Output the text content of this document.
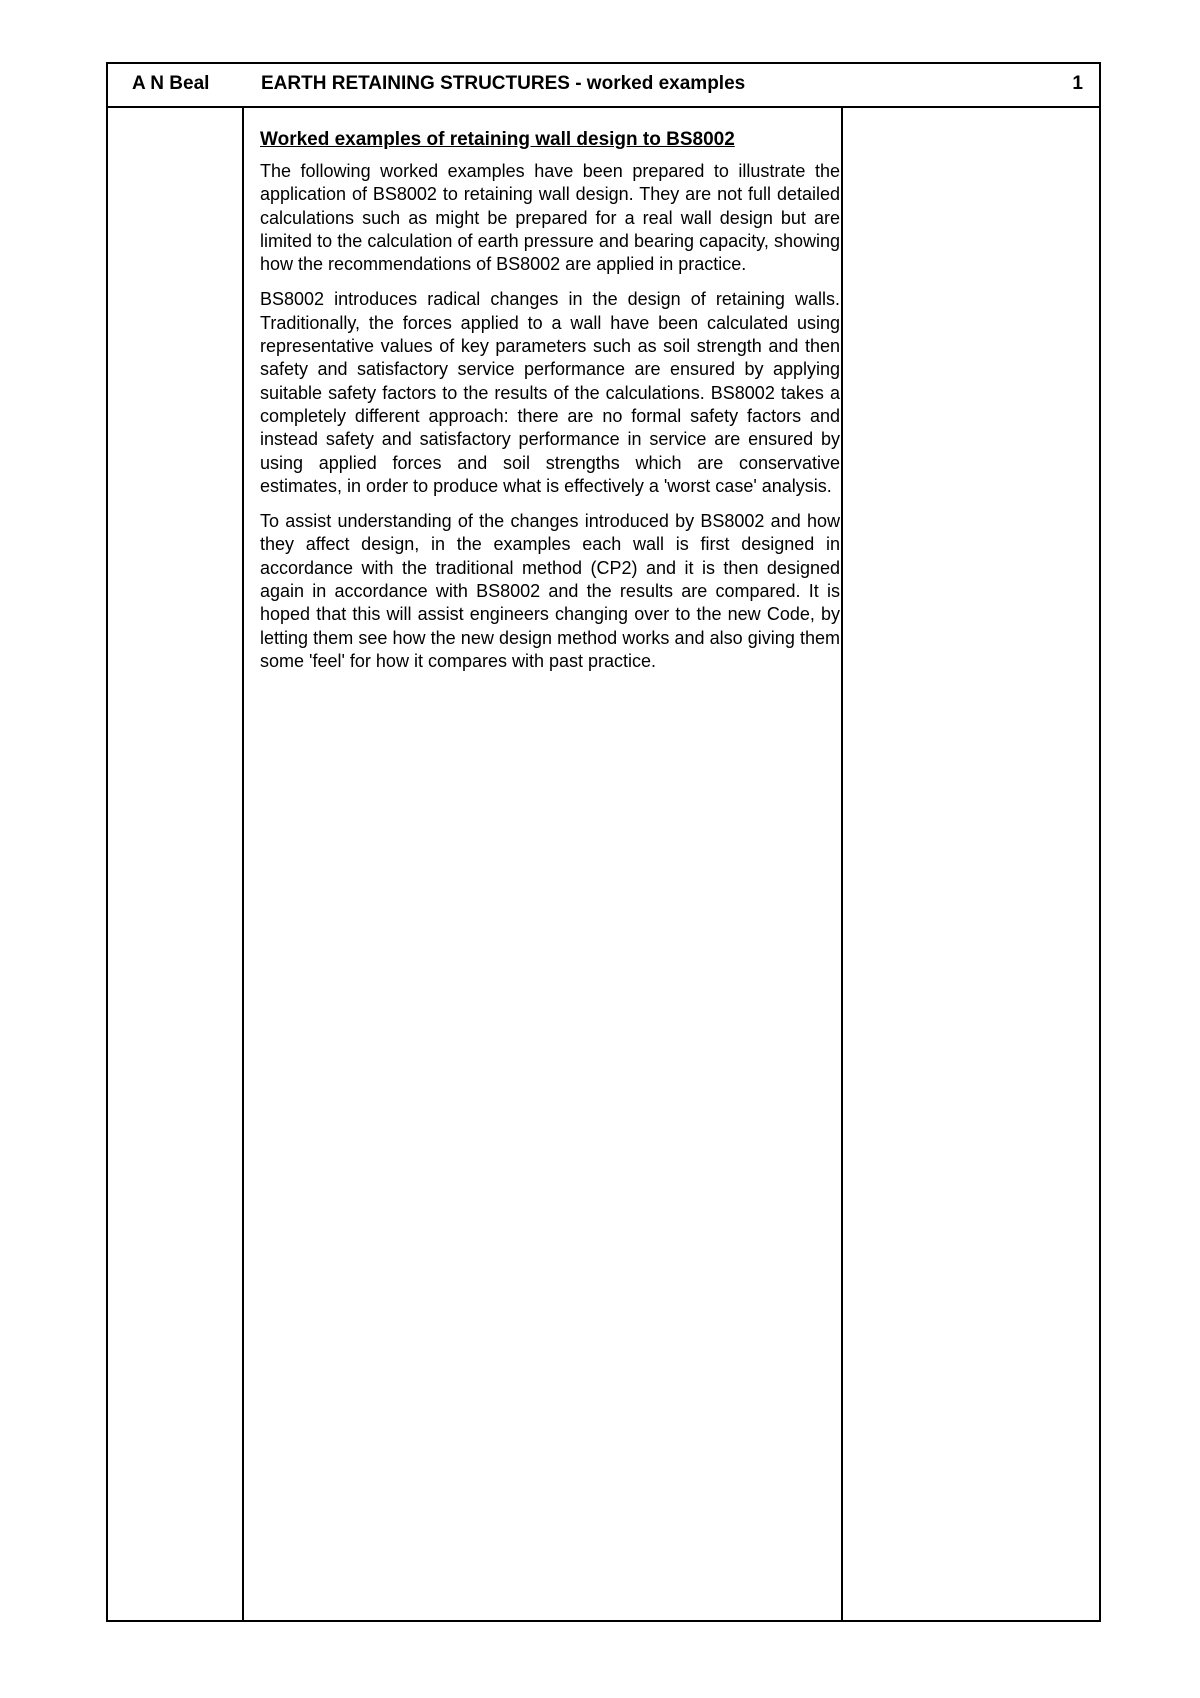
A N Beal	EARTH RETAINING STRUCTURES - worked examples	1
Worked examples of retaining wall design to BS8002

The following worked examples have been prepared to illustrate the application of BS8002 to retaining wall design. They are not full detailed calculations such as might be prepared for a real wall design but are limited to the calculation of earth pressure and bearing capacity, showing how the recommendations of BS8002 are applied in practice.

BS8002 introduces radical changes in the design of retaining walls. Traditionally, the forces applied to a wall have been calculated using representative values of key parameters such as soil strength and then safety and satisfactory service performance are ensured by applying suitable safety factors to the results of the calculations. BS8002 takes a completely different approach: there are no formal safety factors and instead safety and satisfactory performance in service are ensured by using applied forces and soil strengths which are conservative estimates, in order to produce what is effectively a 'worst case' analysis.

To assist understanding of the changes introduced by BS8002 and how they affect design, in the examples each wall is first designed in accordance with the traditional method (CP2) and it is then designed again in accordance with BS8002 and the results are compared. It is hoped that this will assist engineers changing over to the new Code, by letting them see how the new design method works and also giving them some 'feel' for how it compares with past practice.
